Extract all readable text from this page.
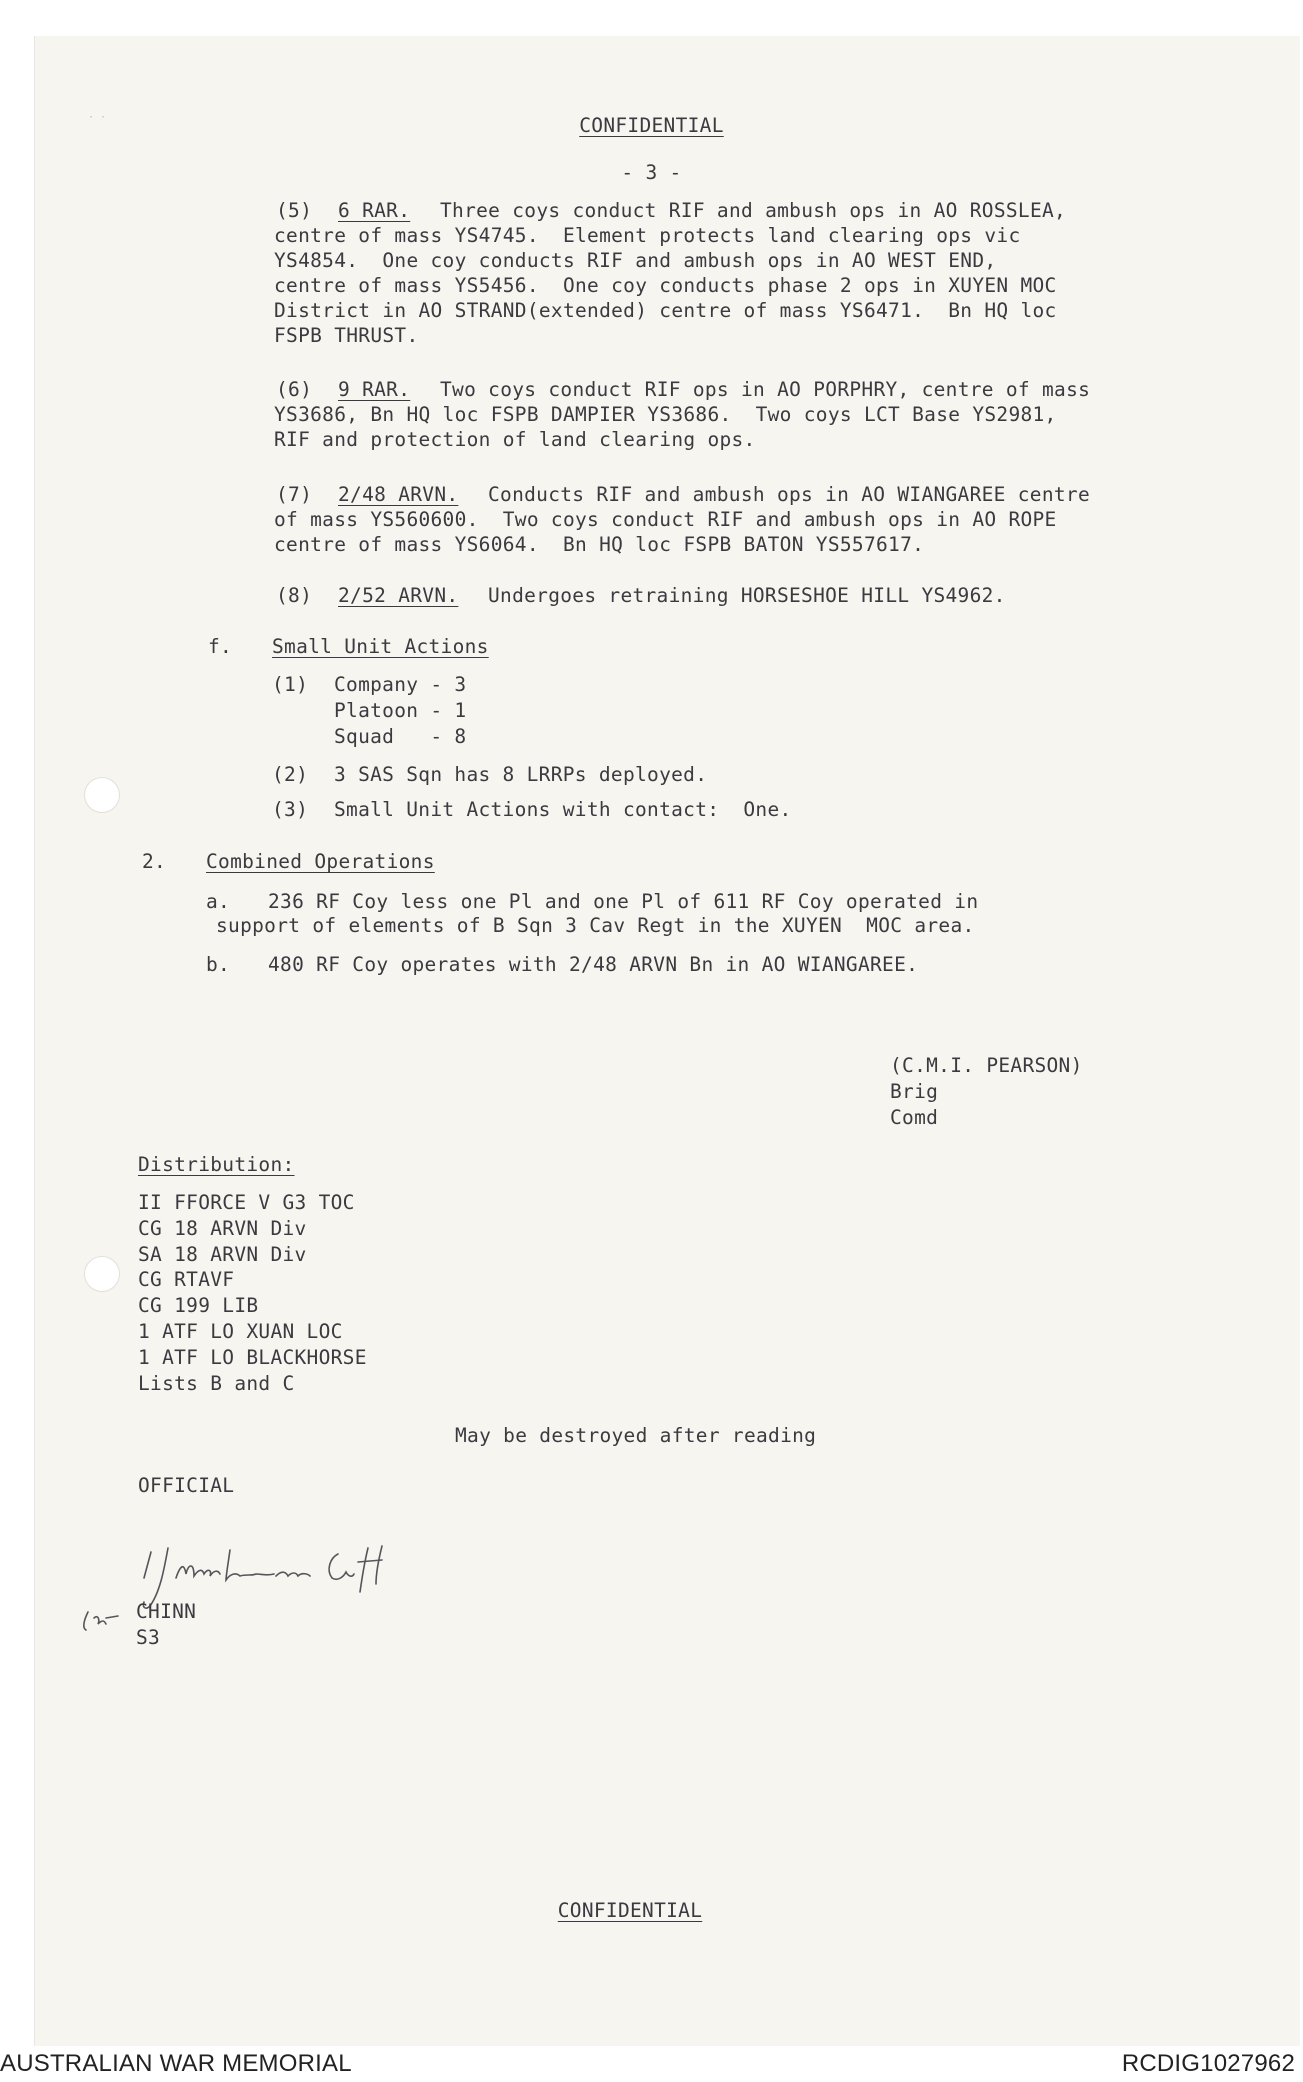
· ·	CONFIDENTIAL
- 3 -
(5) 6 RAR. Three coys conduct RIF and ambush ops in AO ROSSLEA,
centre of mass YS4745.  Element protects land clearing ops vic
YS4854.  One coy conducts RIF and ambush ops in AO WEST END,
centre of mass YS5456.  One coy conducts phase 2 ops in XUYEN MOC
District in AO STRAND(extended) centre of mass YS6471.  Bn HQ loc
FSPB THRUST.
(6) 9 RAR. Two coys conduct RIF ops in AO PORPHRY, centre of mass
YS3686, Bn HQ loc FSPB DAMPIER YS3686.  Two coys LCT Base YS2981,
RIF and protection of land clearing ops.
(7) 2/48 ARVN. Conducts RIF and ambush ops in AO WIANGAREE centre
of mass YS560600.  Two coys conduct RIF and ambush ops in AO ROPE
centre of mass YS6064.  Bn HQ loc FSPB BATON YS557617.
(8) 2/52 ARVN. Undergoes retraining HORSESHOE HILL YS4962.
f. Small Unit Actions
(1) Company - 3
Platoon - 1
Squad   - 8
(2) 3 SAS Sqn has 8 LRRPs deployed.
(3) Small Unit Actions with contact:  One.
2. Combined Operations
a. 236 RF Coy less one Pl and one Pl of 611 RF Coy operated in
support of elements of B Sqn 3 Cav Regt in the XUYEN  MOC area.
b. 480 RF Coy operates with 2/48 ARVN Bn in AO WIANGAREE.
(C.M.I. PEARSON)
Brig
Comd
Distribution:
II FFORCE V G3 TOC
CG 18 ARVN Div
SA 18 ARVN Div
CG RTAVF
CG 199 LIB
1 ATF LO XUAN LOC
1 ATF LO BLACKHORSE
Lists B and C
May be destroyed after reading
OFFICIAL
CHINN
S3
CONFIDENTIAL
AUSTRALIAN WAR MEMORIAL	RCDIG1027962
